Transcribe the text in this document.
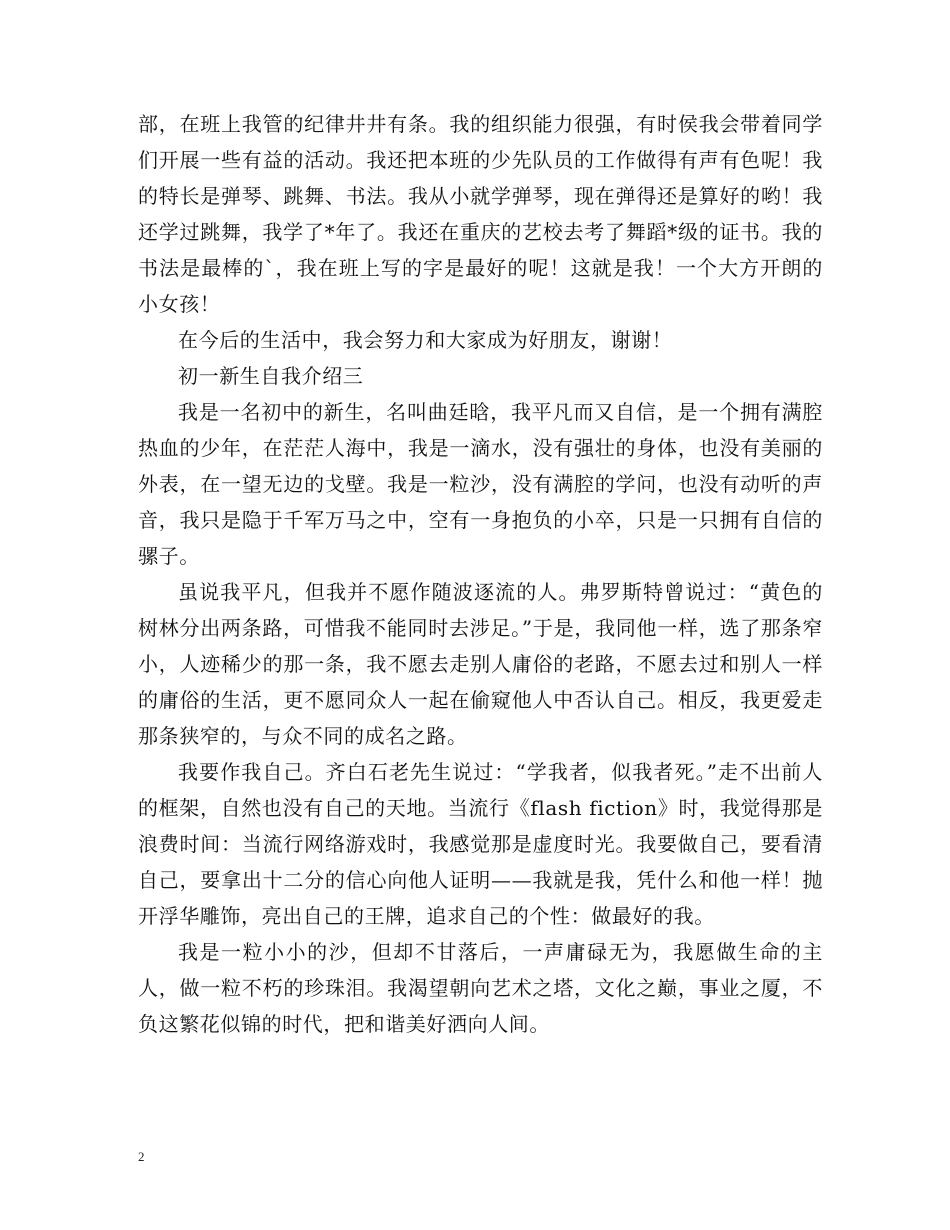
部，在班上我管的纪律井井有条。我的组织能力很强，有时侯我会带着同学们开展一些有益的活动。我还把本班的少先队员的工作做得有声有色呢！我的特长是弹琴、跳舞、书法。我从小就学弹琴，现在弹得还是算好的哟！我还学过跳舞，我学了*年了。我还在重庆的艺校去考了舞蹈*级的证书。我的书法是最棒的`，我在班上写的字是最好的呢！这就是我！一个大方开朗的小女孩！

在今后的生活中，我会努力和大家成为好朋友，谢谢！

初一新生自我介绍三

我是一名初中的新生，名叫曲廷晗，我平凡而又自信，是一个拥有满腔热血的少年，在茫茫人海中，我是一滴水，没有强壮的身体，也没有美丽的外表，在一望无边的戈壁。我是一粒沙，没有满腔的学问，也没有动听的声音，我只是隐于千军万马之中，空有一身抱负的小卒，只是一只拥有自信的骡子。

虽说我平凡，但我并不愿作随波逐流的人。弗罗斯特曾说过：“黄色的树林分出两条路，可惜我不能同时去涉足。”于是，我同他一样，选了那条窄小，人迹稀少的那一条，我不愿去走别人庸俗的老路，不愿去过和别人一样的庸俗的生活，更不愿同众人一起在偷窥他人中否认自己。相反，我更爱走那条狭窄的，与众不同的成名之路。

我要作我自己。齐白石老先生说过：“学我者，似我者死。”走不出前人的框架，自然也没有自己的天地。当流行《flash fiction》时，我觉得那是浪费时间：当流行网络游戏时，我感觉那是虚度时光。我要做自己，要看清自己，要拿出十二分的信心向他人证明——我就是我，凭什么和他一样！抛开浮华雕饰，亮出自己的王牌，追求自己的个性：做最好的我。

我是一粒小小的沙，但却不甘落后，一声庸碌无为，我愿做生命的主人，做一粒不朽的珍珠泪。我渴望朝向艺术之塔，文化之巅，事业之厦，不负这繁花似锦的时代，把和谐美好洒向人间。

2
